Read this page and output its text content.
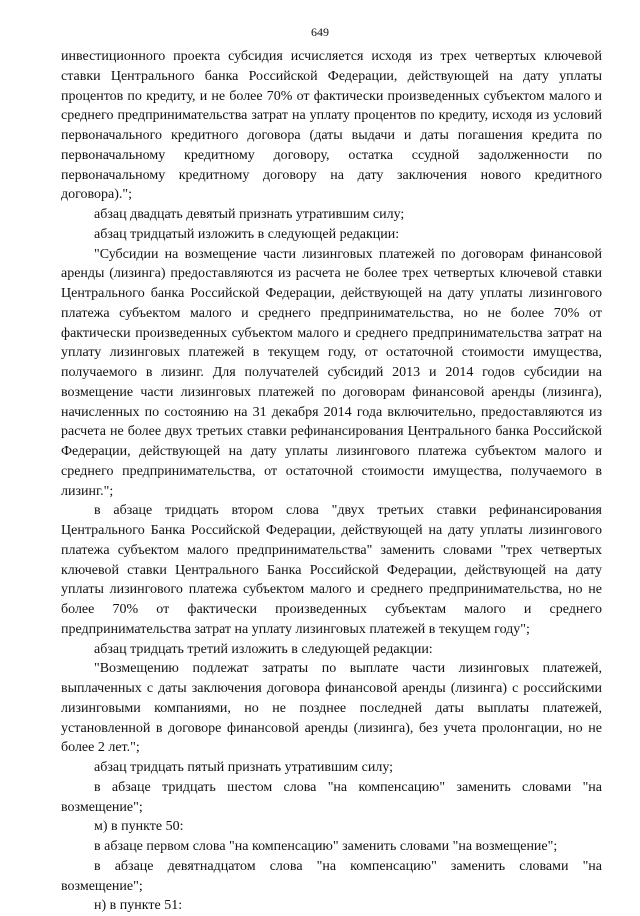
649

инвестиционного проекта субсидия исчисляется исходя из трех четвертых ключевой ставки Центрального банка Российской Федерации, действующей на дату уплаты процентов по кредиту, и не более 70% от фактически произведенных субъектом малого и среднего предпринимательства затрат на уплату процентов по кредиту, исходя из условий первоначального кредитного договора (даты выдачи и даты погашения кредита по первоначальному кредитному договору, остатка ссудной задолженности по первоначальному кредитному договору на дату заключения нового кредитного договора).";

абзац двадцать девятый признать утратившим силу;

абзац тридцатый изложить в следующей редакции:

"Субсидии на возмещение части лизинговых платежей по договорам финансовой аренды (лизинга) предоставляются из расчета не более трех четвертых ключевой ставки Центрального банка Российской Федерации, действующей на дату уплаты лизингового платежа субъектом малого и среднего предпринимательства, но не более 70% от фактически произведенных субъектом малого и среднего предпринимательства затрат на уплату лизинговых платежей в текущем году, от остаточной стоимости имущества, получаемого в лизинг. Для получателей субсидий 2013 и 2014 годов субсидии на возмещение части лизинговых платежей по договорам финансовой аренды (лизинга), начисленных по состоянию на 31 декабря 2014 года включительно, предоставляются из расчета не более двух третьих ставки рефинансирования Центрального банка Российской Федерации, действующей на дату уплаты лизингового платежа субъектом малого и среднего предпринимательства, от остаточной стоимости имущества, получаемого в лизинг.";

в абзаце тридцать втором слова "двух третьих ставки рефинансирования Центрального Банка Российской Федерации, действующей на дату уплаты лизингового платежа субъектом малого предпринимательства" заменить словами "трех четвертых ключевой ставки Центрального Банка Российской Федерации, действующей на дату уплаты лизингового платежа субъектом малого и среднего предпринимательства, но не более 70% от фактически произведенных субъектам малого и среднего предпринимательства затрат на уплату лизинговых платежей в текущем году";

абзац тридцать третий изложить в следующей редакции:

"Возмещению подлежат затраты по выплате части лизинговых платежей, выплаченных с даты заключения договора финансовой аренды (лизинга) с российскими лизинговыми компаниями, но не позднее последней даты выплаты платежей, установленной в договоре финансовой аренды (лизинга), без учета пролонгации, но не более 2 лет.";

абзац тридцать пятый признать утратившим силу;

в абзаце тридцать шестом слова "на компенсацию" заменить словами "на возмещение";

м) в пункте 50:

в абзаце первом слова "на компенсацию" заменить словами "на возмещение";

в абзаце девятнадцатом слова "на компенсацию" заменить словами "на возмещение";

н) в пункте 51:
